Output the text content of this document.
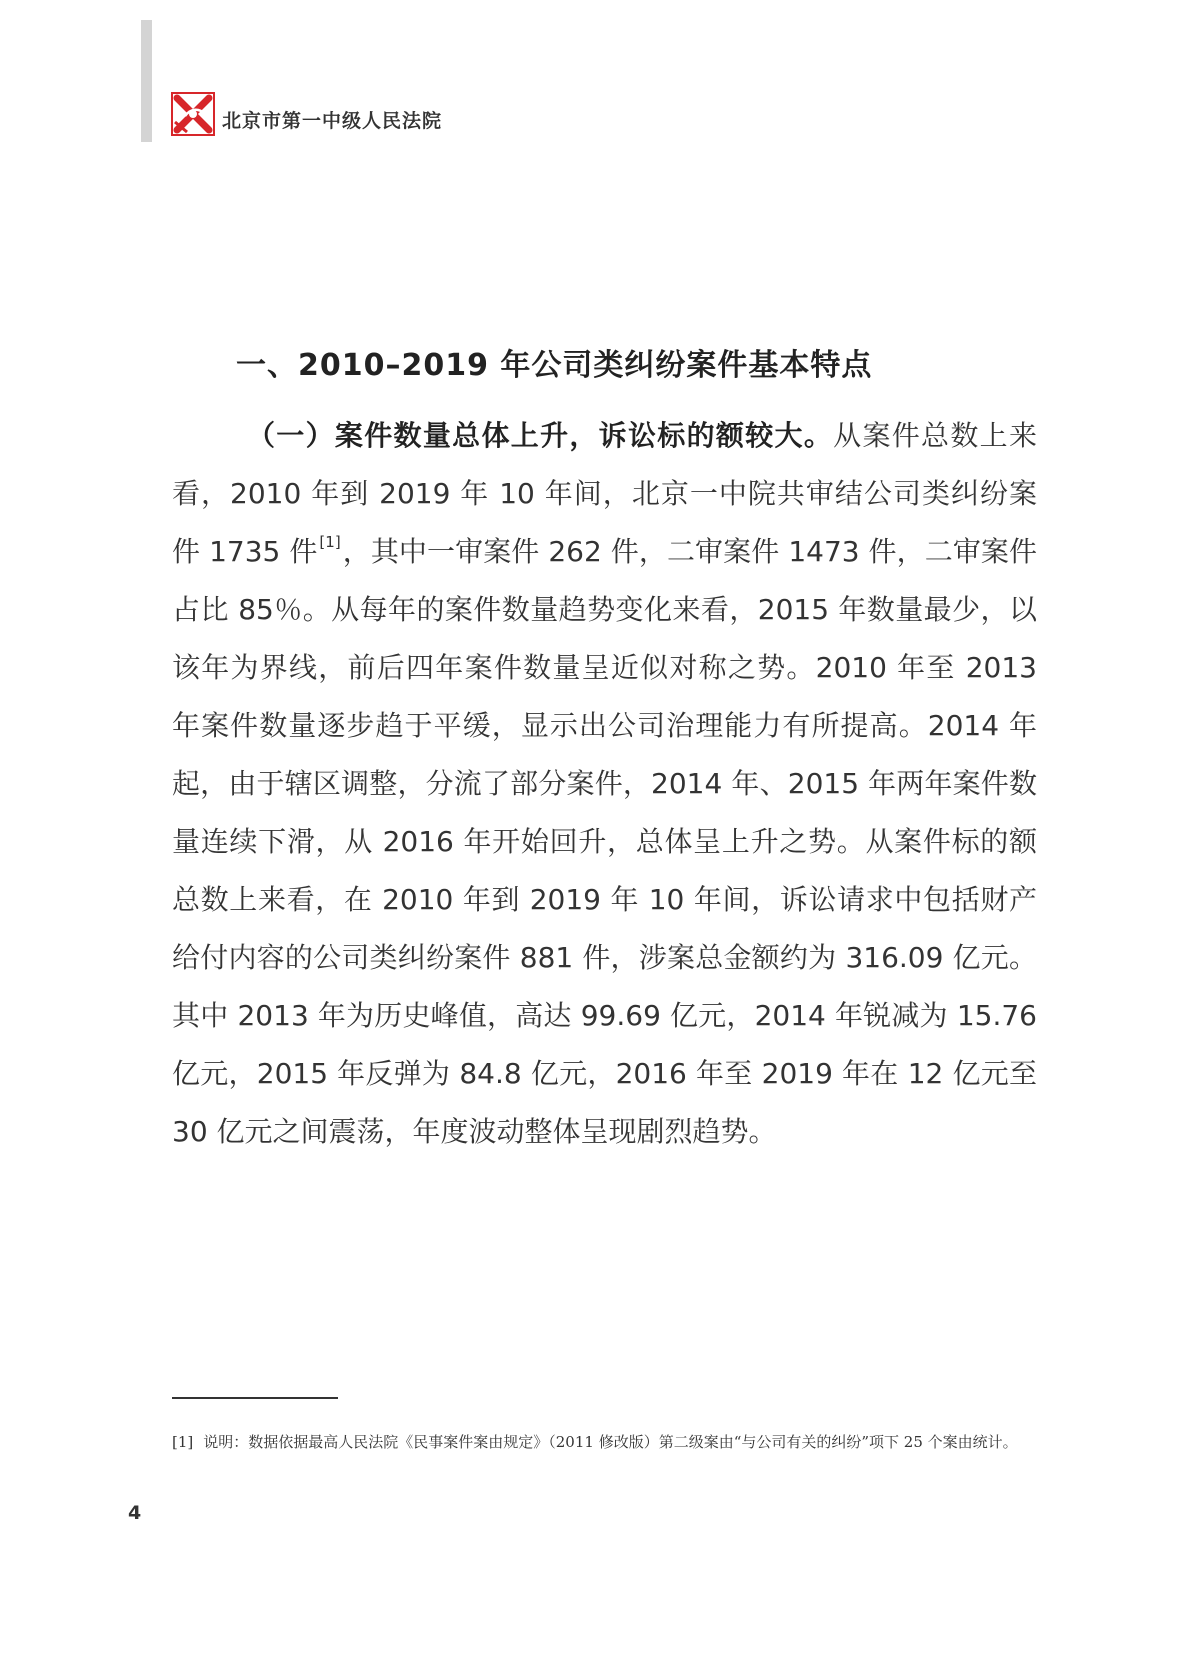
北京市第一中级人民法院
一、2010–2019 年公司类纠纷案件基本特点

（一）案件数量总体上升，诉讼标的额较大。从案件总数上来看，2010 年到 2019 年 10 年间，北京一中院共审结公司类纠纷案件 1735 件 [1]，其中一审案件 262 件，二审案件 1473 件，二审案件占比 85％。从每年的案件数量趋势变化来看，2015 年数量最少，以该年为界线，前后四年案件数量呈近似对称之势。2010 年至 2013 年案件数量逐步趋于平缓，显示出公司治理能力有所提高。2014 年起，由于辖区调整，分流了部分案件，2014 年、2015 年两年案件数量连续下滑，从 2016 年开始回升，总体呈上升之势。从案件标的额总数上来看，在 2010 年到 2019 年 10 年间，诉讼请求中包括财产给付内容的公司类纠纷案件 881 件，涉案总金额约为 316.09 亿元。其中 2013 年为历史峰值，高达 99.69 亿元，2014 年锐减为 15.76 亿元，2015 年反弹为 84.8 亿元，2016 年至 2019 年在 12 亿元至 30 亿元之间震荡，年度波动整体呈现剧烈趋势。

[1] 说明：数据依据最高人民法院《民事案件案由规定》（2011 修改版）第二级案由“与公司有关的纠纷”项下 25 个案由统计。

4
